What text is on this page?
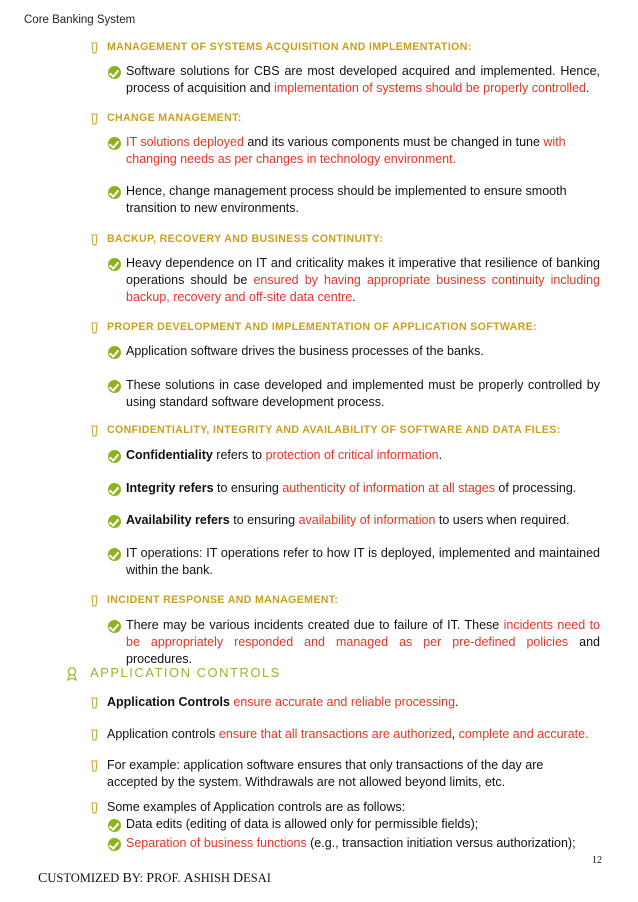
Core Banking System
MANAGEMENT OF SYSTEMS ACQUISITION AND IMPLEMENTATION:
Software solutions for CBS are most developed acquired and implemented. Hence, process of acquisition and implementation of systems should be properly controlled.
CHANGE MANAGEMENT:
IT solutions deployed and its various components must be changed in tune with changing needs as per changes in technology environment.
Hence, change management process should be implemented to ensure smooth transition to new environments.
BACKUP, RECOVERY AND BUSINESS CONTINUITY:
Heavy dependence on IT and criticality makes it imperative that resilience of banking operations should be ensured by having appropriate business continuity including backup, recovery and off-site data centre.
PROPER DEVELOPMENT AND IMPLEMENTATION OF APPLICATION SOFTWARE:
Application software drives the business processes of the banks.
These solutions in case developed and implemented must be properly controlled by using standard software development process.
CONFIDENTIALITY, INTEGRITY AND AVAILABILITY OF SOFTWARE AND DATA FILES:
Confidentiality refers to protection of critical information.
Integrity refers to ensuring authenticity of information at all stages of processing.
Availability refers to ensuring availability of information to users when required.
IT operations: IT operations refer to how IT is deployed, implemented and maintained within the bank.
INCIDENT RESPONSE AND MANAGEMENT:
There may be various incidents created due to failure of IT. These incidents need to be appropriately responded and managed as per pre-defined policies and procedures.
APPLICATION CONTROLS
Application Controls ensure accurate and reliable processing.
Application controls ensure that all transactions are authorized, complete and accurate.
For example: application software ensures that only transactions of the day are accepted by the system. Withdrawals are not allowed beyond limits, etc.
Some examples of Application controls are as follows:
Data edits (editing of data is allowed only for permissible fields);
Separation of business functions (e.g., transaction initiation versus authorization);
12
CUSTOMIZED BY: PROF. ASHISH DESAI
